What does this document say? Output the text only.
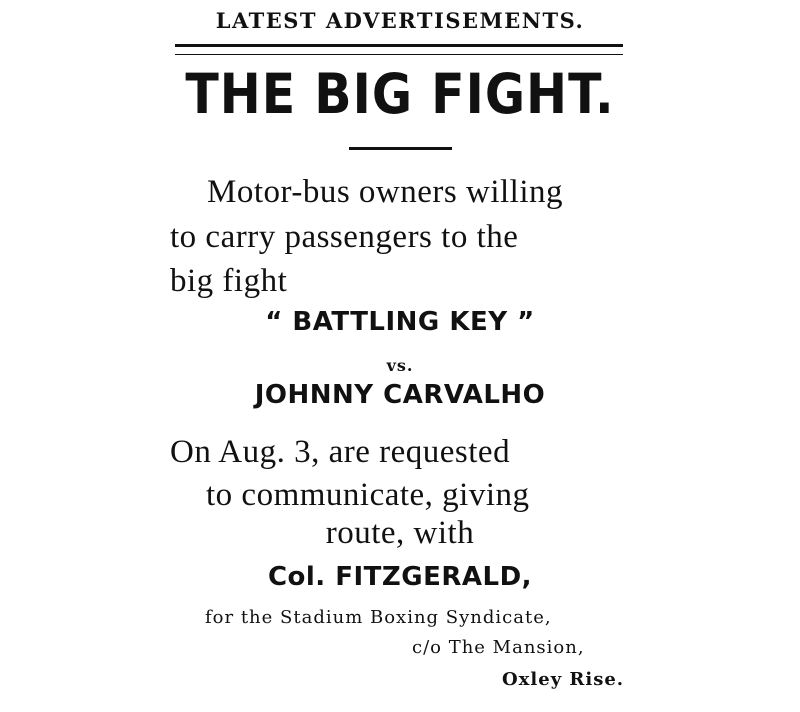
LATEST ADVERTISEMENTS.
THE BIG FIGHT.
Motor-bus owners willing
to carry passengers to the
big fight
“ BATTLING KEY ”
vs.
JOHNNY CARVALHO
On Aug. 3, are requested
to communicate, giving
route, with
Col. FITZGERALD,
for the Stadium Boxing Syndicate,
c/o The Mansion,
Oxley Rise.
